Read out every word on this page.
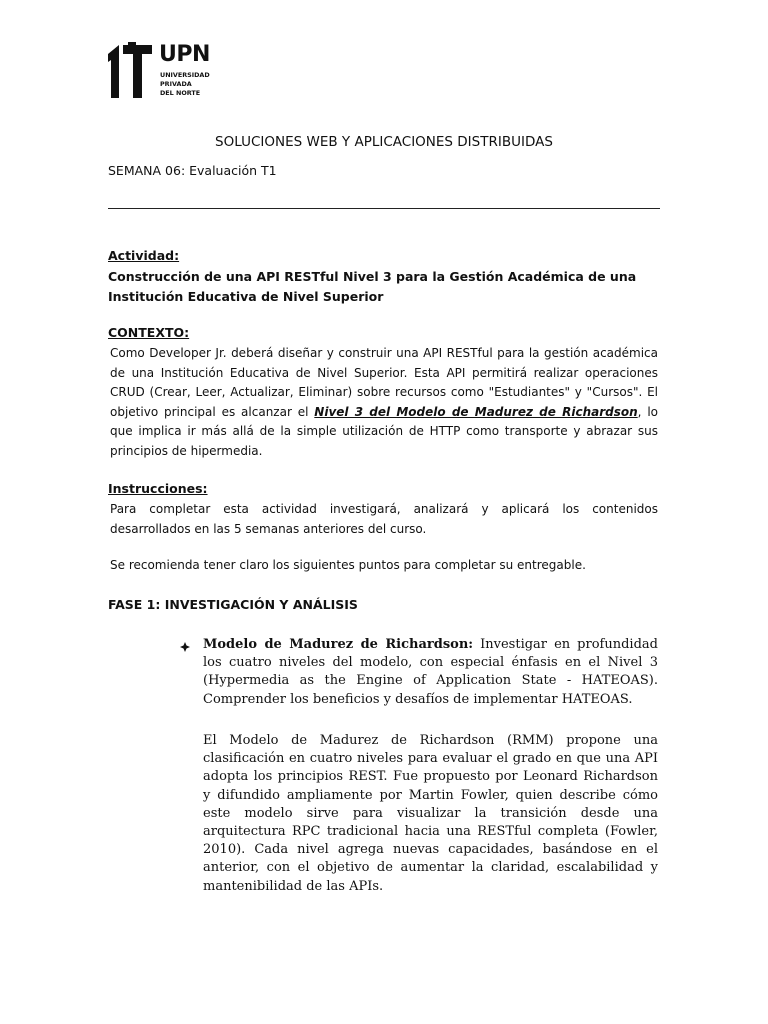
UPN
UNIVERSIDAD
PRIVADA
DEL NORTE
SOLUCIONES WEB Y APLICACIONES DISTRIBUIDAS
SEMANA 06: Evaluación T1
Actividad:
Construcción de una API RESTful Nivel 3 para la Gestión Académica de una Institución Educativa de Nivel Superior
CONTEXTO:
Como Developer Jr. deberá diseñar y construir una API RESTful para la gestión académica de una Institución Educativa de Nivel Superior. Esta API permitirá realizar operaciones CRUD (Crear, Leer, Actualizar, Eliminar) sobre recursos como "Estudiantes" y "Cursos". El objetivo principal es alcanzar el Nivel 3 del Modelo de Madurez de Richardson, lo que implica ir más allá de la simple utilización de HTTP como transporte y abrazar sus principios de hipermedia.
Instrucciones:
Para completar esta actividad investigará, analizará y aplicará los contenidos desarrollados en las 5 semanas anteriores del curso.
Se recomienda tener claro los siguientes puntos para completar su entregable.
FASE 1: INVESTIGACIÓN Y ANÁLISIS
Modelo de Madurez de Richardson: Investigar en profundidad los cuatro niveles del modelo, con especial énfasis en el Nivel 3 (Hypermedia as the Engine of Application State - HATEOAS). Comprender los beneficios y desafíos de implementar HATEOAS.
El Modelo de Madurez de Richardson (RMM) propone una clasificación en cuatro niveles para evaluar el grado en que una API adopta los principios REST. Fue propuesto por Leonard Richardson y difundido ampliamente por Martin Fowler, quien describe cómo este modelo sirve para visualizar la transición desde una arquitectura RPC tradicional hacia una RESTful completa (Fowler, 2010). Cada nivel agrega nuevas capacidades, basándose en el anterior, con el objetivo de aumentar la claridad, escalabilidad y mantenibilidad de las APIs.
